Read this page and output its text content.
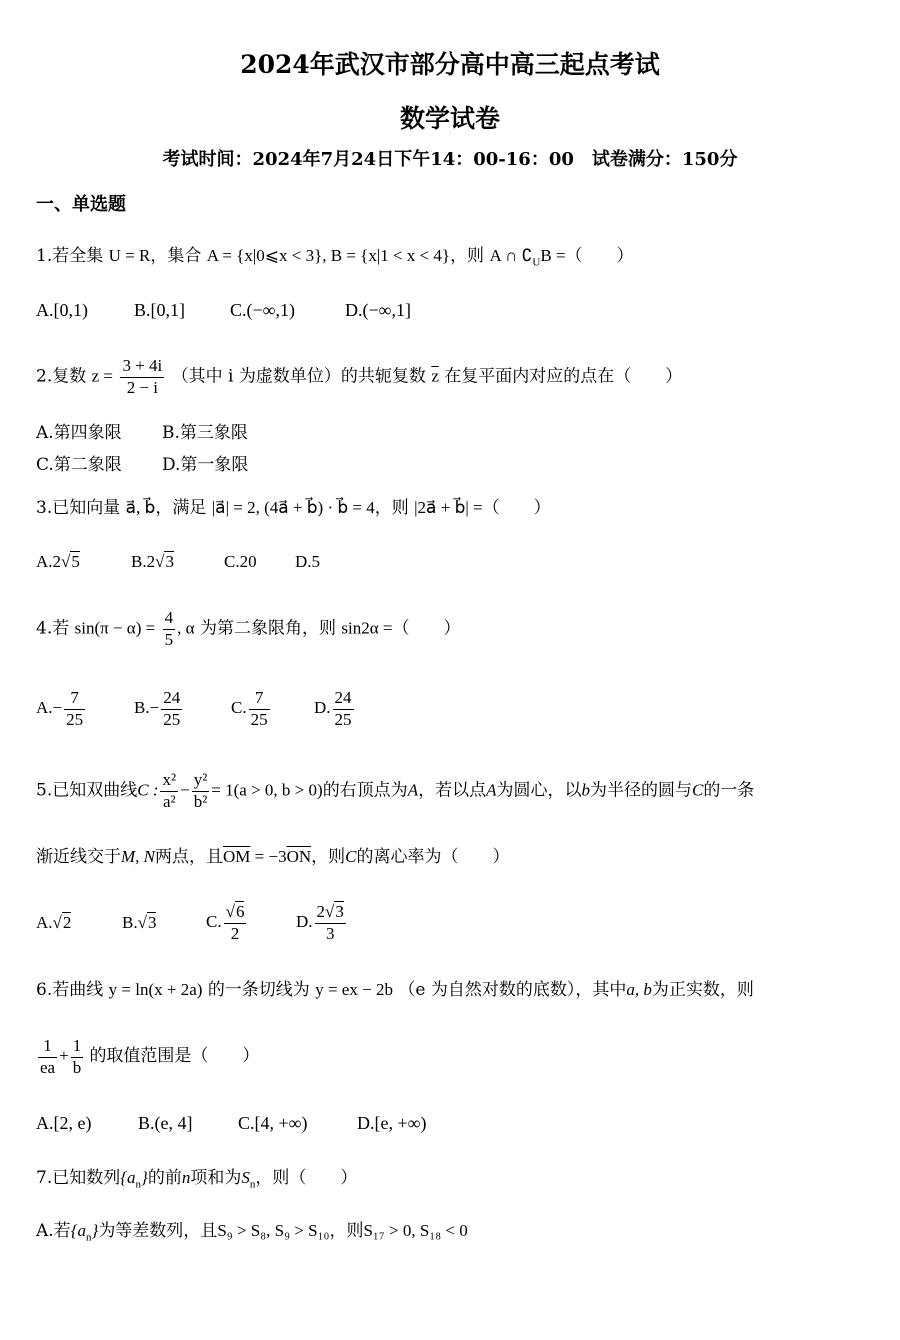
2024年武汉市部分高中高三起点考试
数学试卷
考试时间：2024年7月24日下午14：00-16：00　试卷满分：150分
一、单选题
1.若全集 U = R，集合 A = {x|0⩽x < 3}, B = {x|1 < x < 4}，则 A ∩ $∁_UB$ =（　　）
A.[0,1)	B.[0,1]	C.(−∞,1)	D.(−∞,1]
2.复数 $z = \frac{3 + 4i}{2 - i}$ （其中 i 为虚数单位）的共轭复数 $\overline{z}$ 在复平面内对应的点在（　　）
A.第四象限 B.第三象限
C.第二象限 D.第一象限
3.已知向量 a⃗, b⃗，满足 |a⃗| = 2, (4a⃗ + b⃗) · b⃗ = 4，则 |2a⃗ + b⃗| =（　　）
A.2√5	B.2√3	C.20 D.5
4.若 $\sin(\pi - \alpha) = \frac{4}{5}$ , α 为第二象限角，则 sin2α =（　　）
$A.- \frac{7}{25}$	$B.- \frac{24}{25}$	C. $\frac{7}{25}$	D. $\frac{24}{25}$
5.已知双曲线C : $\frac{\text{x²}}{\text{a²}} - \frac{\text{y²}}{\text{b²}} = 1(a > 0$, b > 0)的右顶点为A，若以点A为圆心，以b为半径的圆与C的一条
渐近线交于M, N两点，且$\overline{OM} = -3\overline{ON}$，则C的离心率为（　　）
A.√2	B.√3	C. $\frac{√6}{2}$	D. $\frac{2√3}{3}$
6.若曲线 y = ln(x + 2a) 的一条切线为 y = ex − 2b （e 为自然对数的底数），其中a, b为正实数，则
$\frac{1}{ea} + \frac{1}{b}$ 的取值范围是（　　）
A.[2, e)	B.(e, 4]	C.[4, +∞)	D.[e, +∞)
7.已知数列$\{a_n\}$的前n项和为$S_n$，则（　　）
A.若$\{a_n\}$为等差数列，且S₉ > S₈, S₉ > S₁₀，则S₁₇ > 0, S₁₈ < 0
